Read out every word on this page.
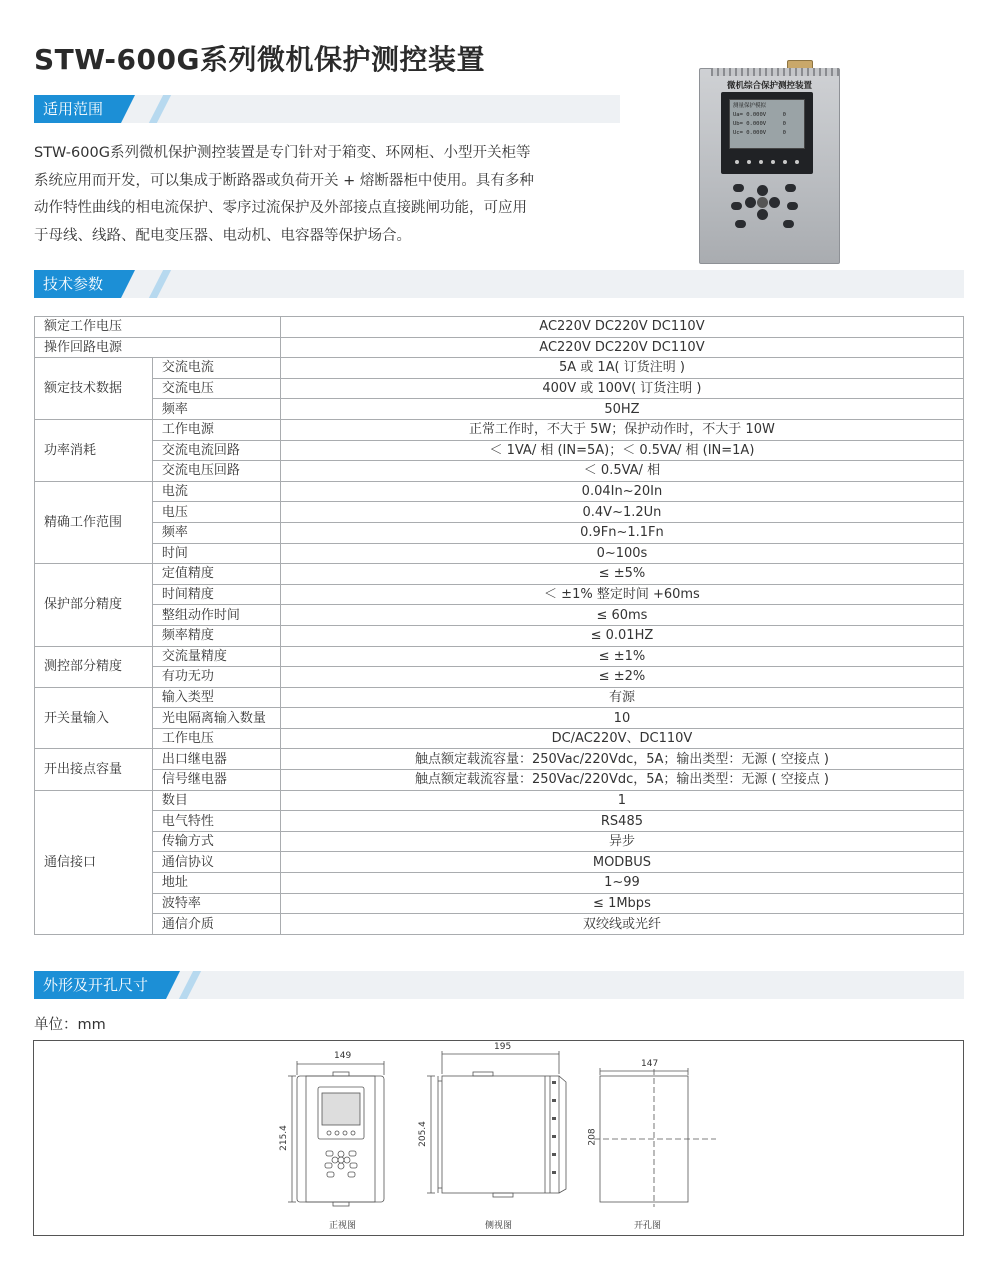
STW-600G系列微机保护测控装置
适用范围
STW-600G系列微机保护测控装置是专门针对于箱变、环网柜、小型开关柜等
系统应用而开发，可以集成于断路器或负荷开关 + 熔断器柜中使用。具有多种
动作特性曲线的相电流保护、零序过流保护及外部接点直接跳闸功能，可应用
于母线、线路、配电变压器、电动机、电容器等保护场合。
微机综合保护测控装置
测量保护模拟
Ua= 0.000V     0
Ub= 0.000V     0
Uc= 0.000V     0
技术参数
额定工作电压		AC220V DC220V DC110V
操作回路电源		AC220V DC220V DC110V
额定技术数据	交流电流	5A 或 1A( 订货注明 )
	交流电压	400V 或 100V( 订货注明 )
	频率	50HZ
功率消耗	工作电源	正常工作时，不大于 5W；保护动作时，不大于 10W
	交流电流回路	＜ 1VA/ 相 (IN=5A)；＜ 0.5VA/ 相 (IN=1A)
	交流电压回路	＜ 0.5VA/ 相
精确工作范围	电流	0.04In~20In
	电压	0.4V~1.2Un
	频率	0.9Fn~1.1Fn
	时间	0~100s
保护部分精度	定值精度	≤ ±5%
	时间精度	＜ ±1% 整定时间 +60ms
	整组动作时间	≤ 60ms
	频率精度	≤ 0.01HZ
测控部分精度	交流量精度	≤ ±1%
	有功无功	≤ ±2%
开关量输入	输入类型	有源
	光电隔离输入数量	10
	工作电压	DC/AC220V、DC110V
开出接点容量	出口继电器	触点额定载流容量：250Vac/220Vdc，5A；输出类型：无源 ( 空接点 )
	信号继电器	触点额定载流容量：250Vac/220Vdc，5A；输出类型：无源 ( 空接点 )
通信接口	数目	1
	电气特性	RS485
	传输方式	异步
	通信协议	MODBUS
	地址	1~99
	波特率	≤ 1Mbps
	通信介质	双绞线或光纤
外形及开孔尺寸
单位：mm
149
215.4
正视图
195
205.4
侧视图
147
208
开孔图
